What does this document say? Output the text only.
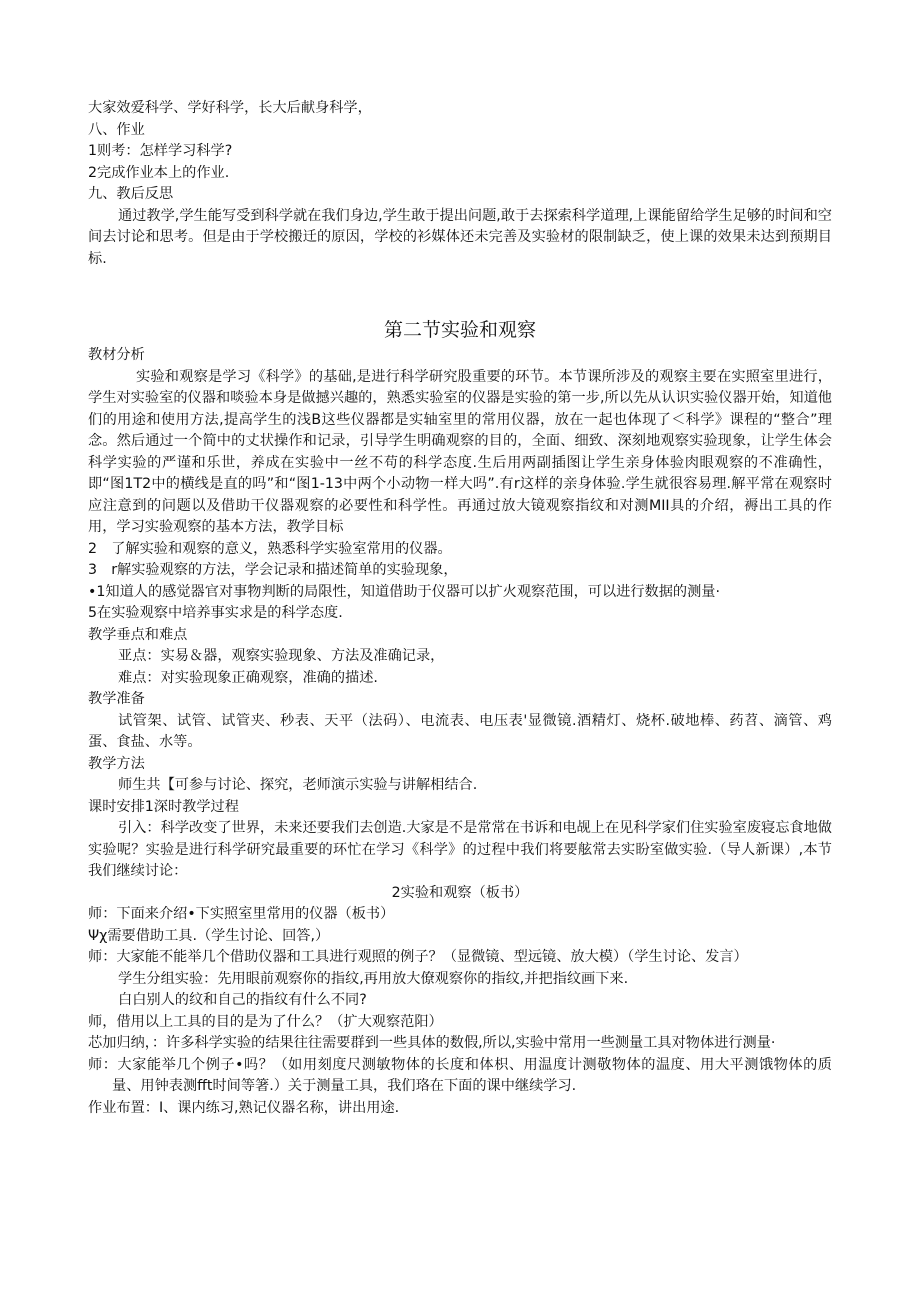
大家效爱科学、学好科学，长大后献身科学，

八、作业

1则考：怎样学习科学?

2完成作业本上的作业.

九、教后反思

通过教学,学生能写受到科学就在我们身边,学生敢于提出问题,敢于去探索科学道理,上课能留给学生足够的时间和空间去讨论和思考。但是由于学校搬迁的原因，学校的衫媒体还未完善及实验材的限制缺乏，使上课的效果未达到预期目标.

第二节实验和观察

教材分析

实验和观察是学习《科学》的基础,是进行科学研究股重要的环节。本节课所涉及的观察主要在实照室里进行，学生对实验室的仪器和啖验本身是做撼兴趣的，熟悉实验室的仪器是实验的第一步,所以先从认识实验仪器开始，知道他们的用途和使用方法,提高学生的浅B这些仪器都是实轴室里的常用仪器，放在一起也体现了＜科学》课程的“整合”理念。然后通过一个简中的丈状操作和记录，引导学生明确观察的目的，全面、细致、深刻地观察实验现象，让学生体会科学实验的严谨和乐世，养成在实验中一丝不苟的科学态度.生后用两副插图让学生亲身体验肉眼观察的不准确性，即“图1T2中的横线是直的吗”和“图1-13中两个小动物一样大吗”.有r这样的亲身体验.学生就很容易理.解平常在观察时应注意到的问题以及借助干仪器观察的必要性和科学性。再通过放大镜观察指纹和对测MII具的介绍，褥出工具的作用，学习实验观察的基本方法，教学目标

2　了解实验和观察的意义，熟悉科学实验室常用的仪器。

3　r解实验观察的方法，学会记录和描述简单的实验现象，

•1知道人的感觉器官对事物判断的局限性，知道借助于仪器可以扩火观察范围，可以进行数据的测量·

5在实验观察中培养事实求是的科学态度.

教学垂点和难点

亚点：实易＆器，观察实验现象、方法及准确记录，

难点：对实验现象正确观察，准确的描述.

教学准备

试管架、试管、试管夹、秒表、天平（法码）、电流表、电压表'显微镜.酒精灯、烧杯.破地棒、药苕、滴管、鸡蛋、食盐、水等。

教学方法

师生共【可参与讨论、探究，老师演示实验与讲解相结合.

课时安排1深时教学过程

引入：科学改变了世界，未来还要我们去创造.大家是不是常常在书诉和电觇上在见科学家们住实验室废寝忘食地做实验呢？实验是进行科学研究最重要的环忙在学习《科学》的过程中我们将要舷常去实盼室做实验.（导人新课）,本节我们继续讨论：

2实验和观察（板书）

师：下面来介绍•下实照室里常用的仪器（板书）

Ψχ需要借助工具.（学生讨论、回答,）

师：大家能不能举几个借助仪器和工具进行观照的例子？（显微镜、型远镜、放大模）（学生讨论、发言）

学生分组实验：先用眼前观察你的指纹,再用放大僚观察你的指纹,并把指纹画下来.

白白别人的纹和自己的指纹有什么不同?

师，借用以上工具的目的是为了什么？（扩大观察范阳）

芯加归纳，：许多科学实验的结果往往需要群到一些具体的数假,所以,实验中常用一些测量工具对物体进行测量·

师：大家能举几个例子•吗？（如用刻度尺测敏物体的长度和体枳、用温度计测敬物体的温度、用大平测饿物体的质量、用钟表测fft时间等箸.）关于测量工具，我们珞在下面的课中继续学习.

作业布置：I、课内练习,熟记仪器名称，讲出用途.
